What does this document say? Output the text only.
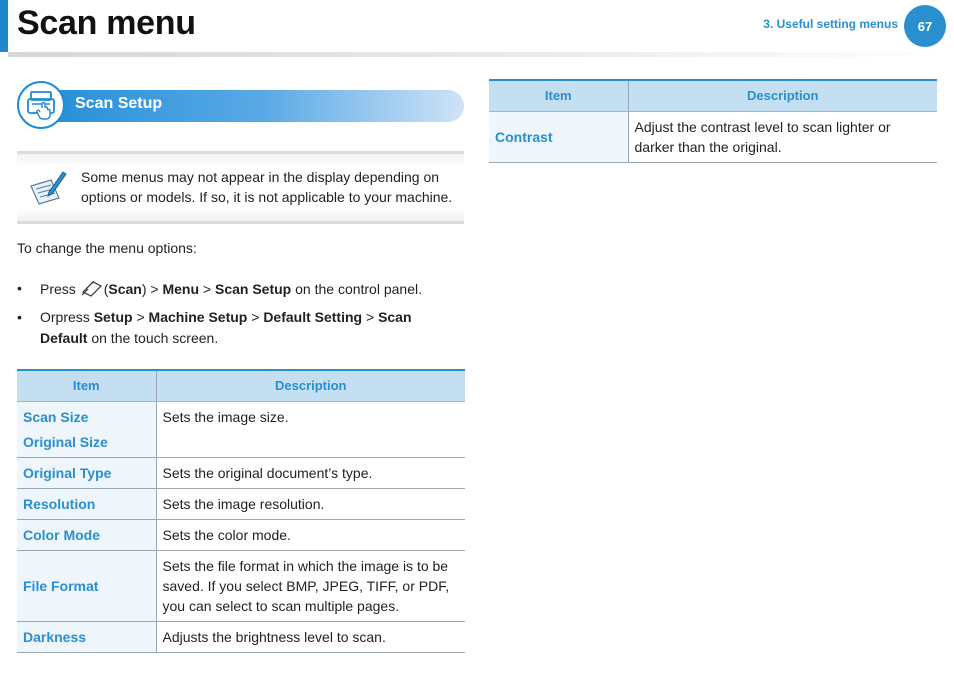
Scan menu	3. Useful setting menus 67
Scan Setup
Some menus may not appear in the display depending on options or models. If so, it is not applicable to your machine.
To change the menu options:
• Press (Scan) > Menu > Scan Setup on the control panel.
• Orpress Setup > Machine Setup > Default Setting > Scan Default on the touch screen.
Item	Description

Scan Size
Original Size	Sets the image size.
Original Type	Sets the original document’s type.
Resolution	Sets the image resolution.
Color Mode	Sets the color mode.
File Format	Sets the file format in which the image is to be saved. If you select BMP, JPEG, TIFF, or PDF, you can select to scan multiple pages.
Darkness	Adjusts the brightness level to scan.
Item	Description
Contrast	Adjust the contrast level to scan lighter or darker than the original.
